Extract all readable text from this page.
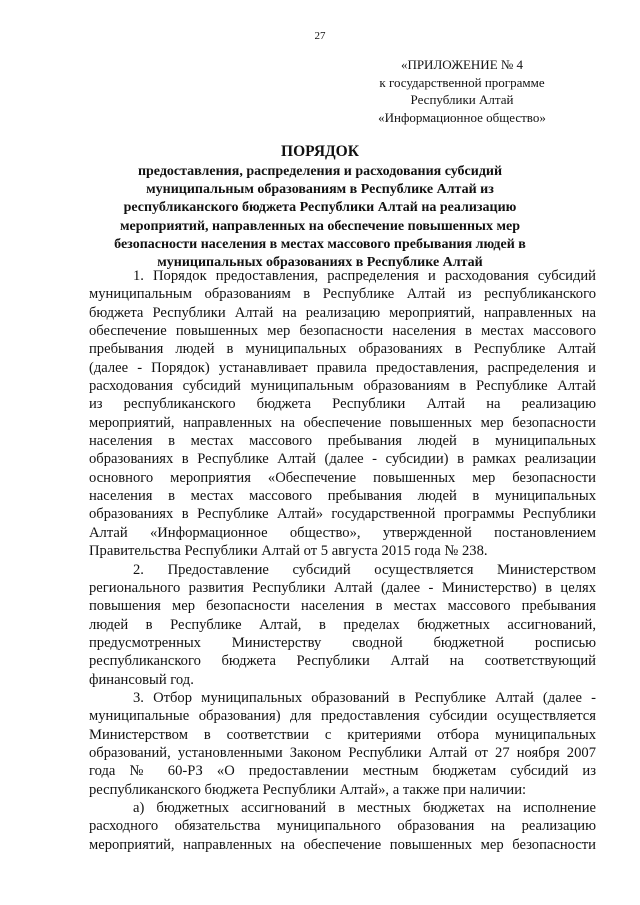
27
«ПРИЛОЖЕНИЕ № 4
к государственной программе
Республики Алтай
«Информационное общество»
ПОРЯДОК
предоставления, распределения и расходования субсидий
муниципальным образованиям в Республике Алтай из
республиканского бюджета Республики Алтай на реализацию
мероприятий, направленных на обеспечение повышенных мер
безопасности населения в местах массового пребывания людей в
муниципальных образованиях в Республике Алтай

1. Порядок предоставления, распределения и расходования субсидий

муниципальным образованиям в Республике Алтай из республиканского

бюджета Республики Алтай на реализацию мероприятий, направленных на

обеспечение повышенных мер безопасности населения в местах массового

пребывания людей в муниципальных образованиях в Республике Алтай

(далее - Порядок) устанавливает правила предоставления, распределения и

расходования субсидий муниципальным образованиям в Республике Алтай

из республиканского бюджета Республики Алтай на реализацию

мероприятий, направленных на обеспечение повышенных мер безопасности

населения в местах массового пребывания людей в муниципальных

образованиях в Республике Алтай (далее - субсидии) в рамках реализации

основного мероприятия «Обеспечение повышенных мер безопасности

населения в местах массового пребывания людей в муниципальных

образованиях в Республике Алтай» государственной программы Республики

Алтай «Информационное общество», утвержденной постановлением

Правительства Республики Алтай от 5 августа 2015 года № 238.

2. Предоставление субсидий осуществляется Министерством

регионального развития Республики Алтай (далее - Министерство) в целях

повышения мер безопасности населения в местах массового пребывания

людей в Республике Алтай, в пределах бюджетных ассигнований,

предусмотренных Министерству сводной бюджетной росписью

республиканского бюджета Республики Алтай на соответствующий

финансовый год.

3. Отбор муниципальных образований в Республике Алтай (далее -

муниципальные образования) для предоставления субсидии осуществляется

Министерством в соответствии с критериями отбора муниципальных

образований, установленными Законом Республики Алтай от 27 ноября 2007

года № 60-РЗ «О предоставлении местным бюджетам субсидий из

республиканского бюджета Республики Алтай», а также при наличии:

а) бюджетных ассигнований в местных бюджетах на исполнение

расходного обязательства муниципального образования на реализацию

мероприятий, направленных на обеспечение повышенных мер безопасности
